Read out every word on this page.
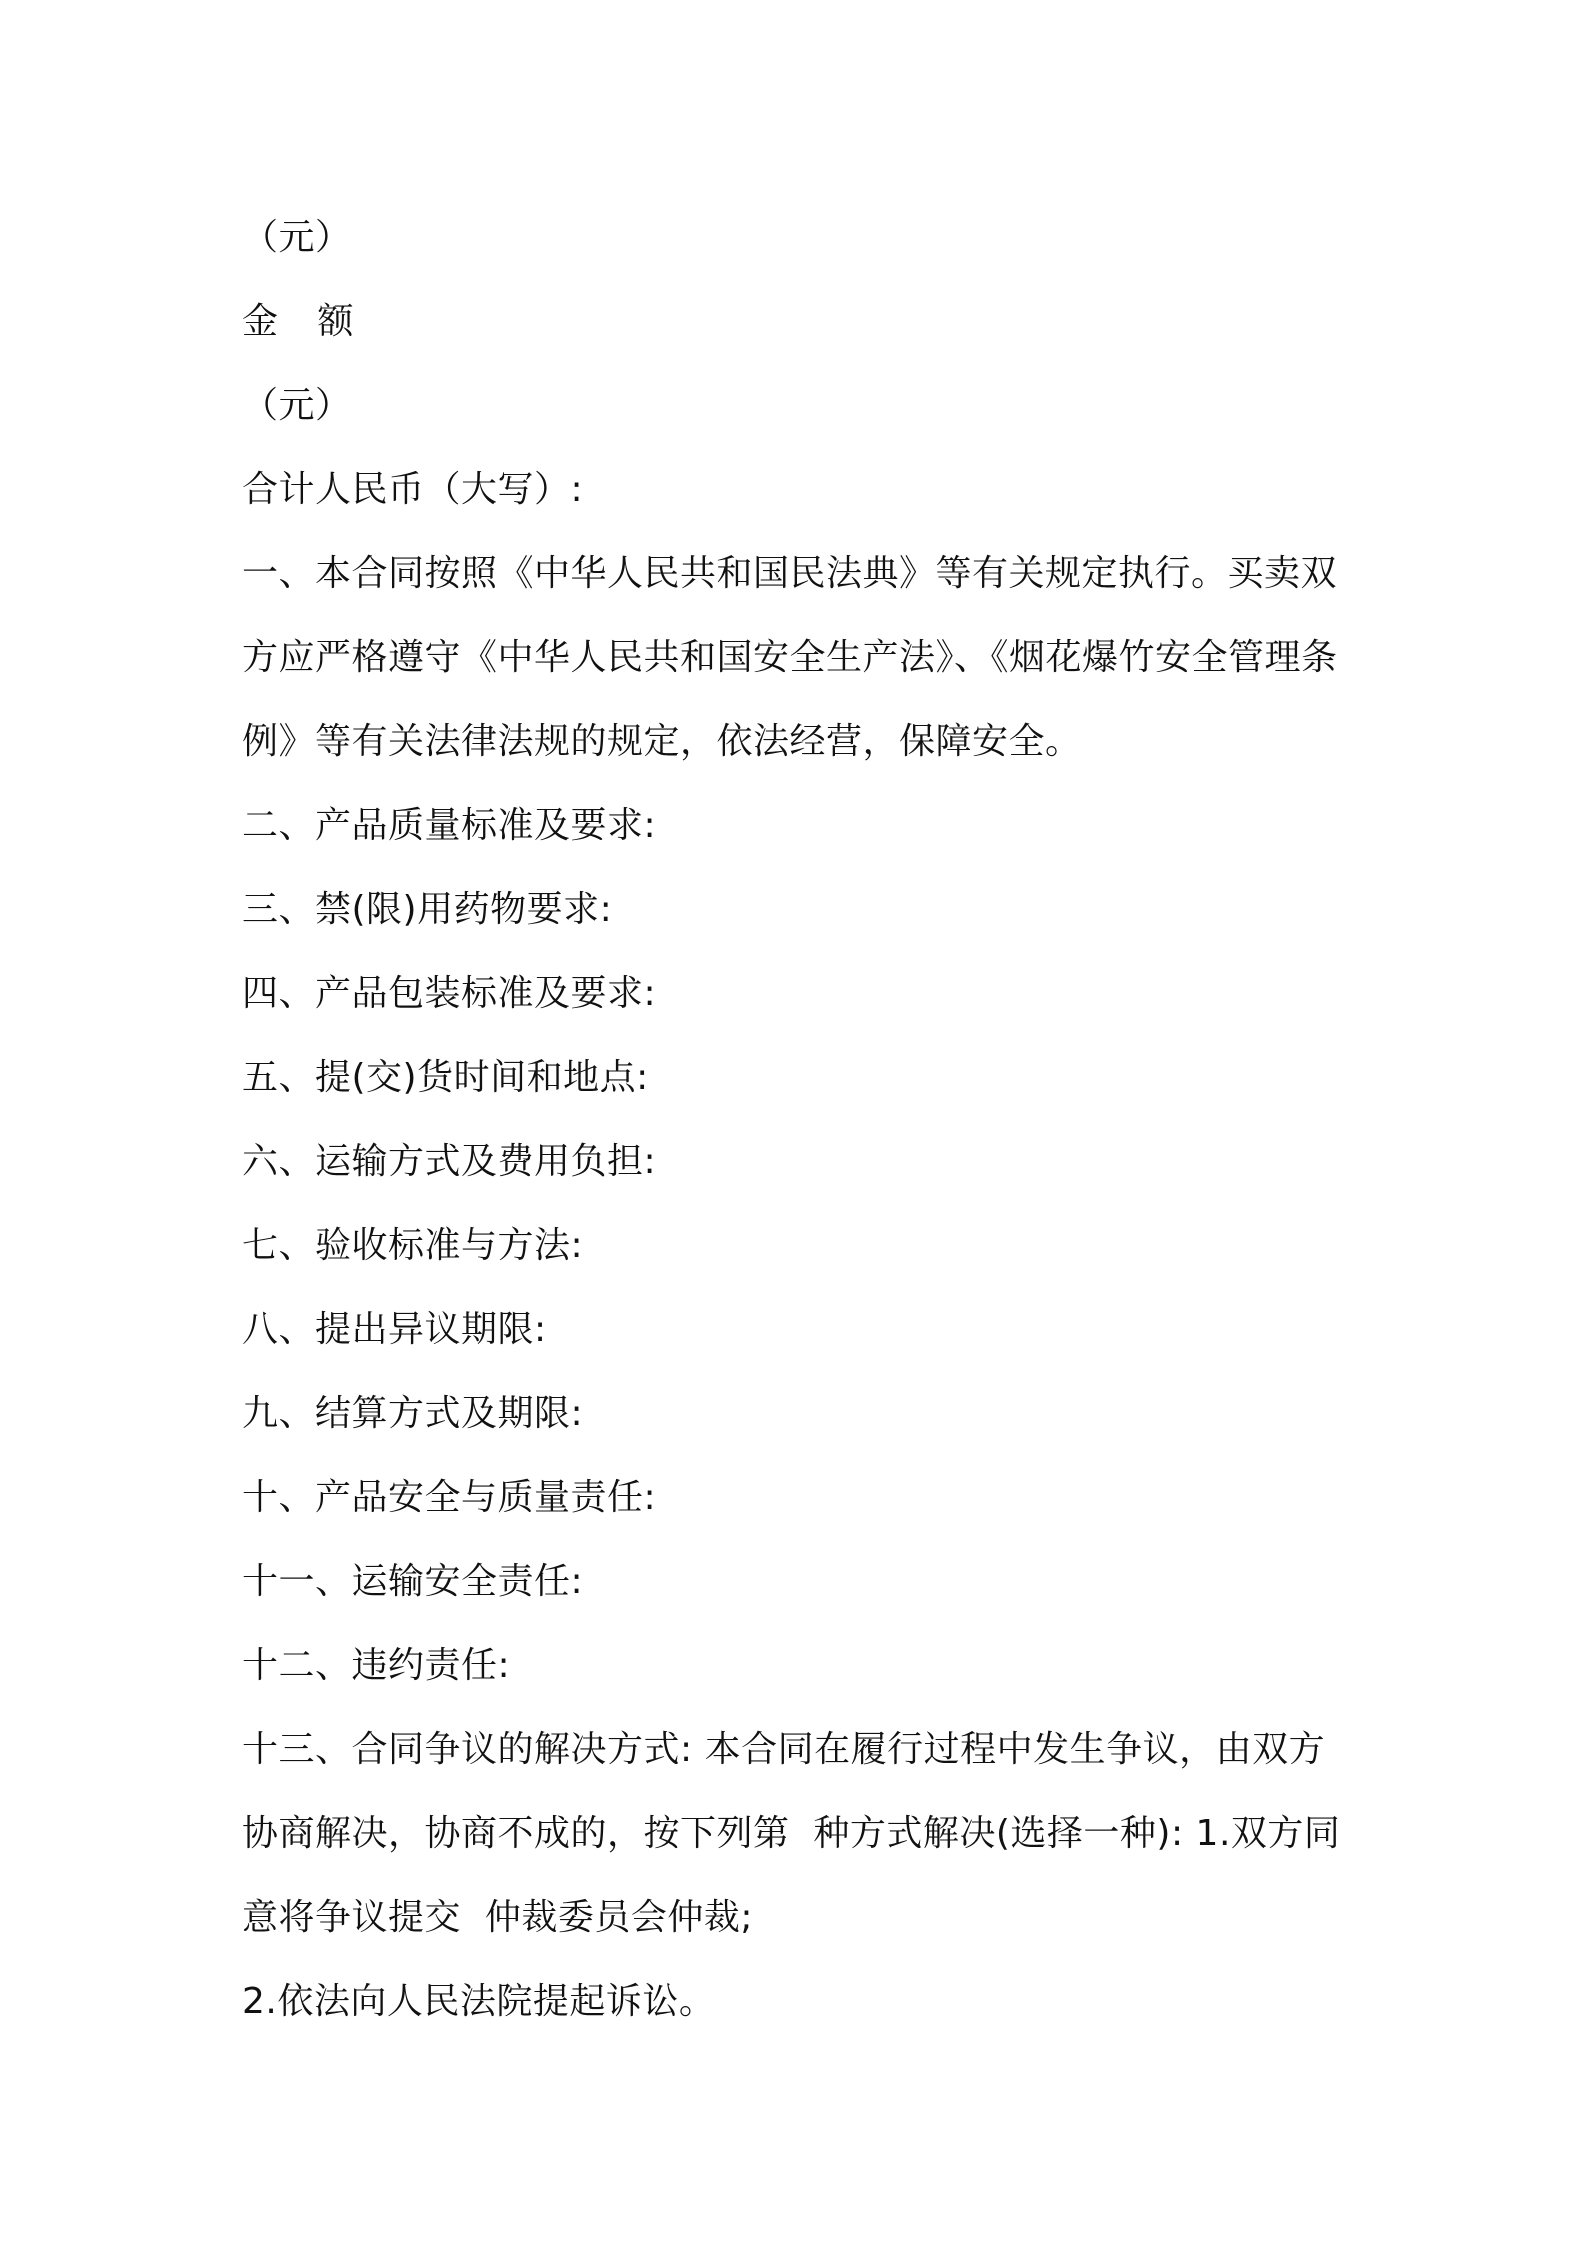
（元）
金 额
（元）
合计人民币（大写）:
一、本合同按照《中华人民共和国民法典》等有关规定执行。买卖双
方应严格遵守《中华人民共和国安全生产法》、《烟花爆竹安全管理条
例》等有关法律法规的规定，依法经营，保障安全。
二、产品质量标准及要求:
三、禁(限)用药物要求:
四、产品包装标准及要求:
五、提(交)货时间和地点:
六、运输方式及费用负担:
七、验收标准与方法:
八、提出异议期限:
九、结算方式及期限:
十、产品安全与质量责任:
十一、运输安全责任:
十二、违约责任:
十三、合同争议的解决方式: 本合同在履行过程中发生争议，由双方
协商解决，协商不成的，按下列第  种方式解决(选择一种): 1.双方同
意将争议提交  仲裁委员会仲裁;
2.依法向人民法院提起诉讼。
